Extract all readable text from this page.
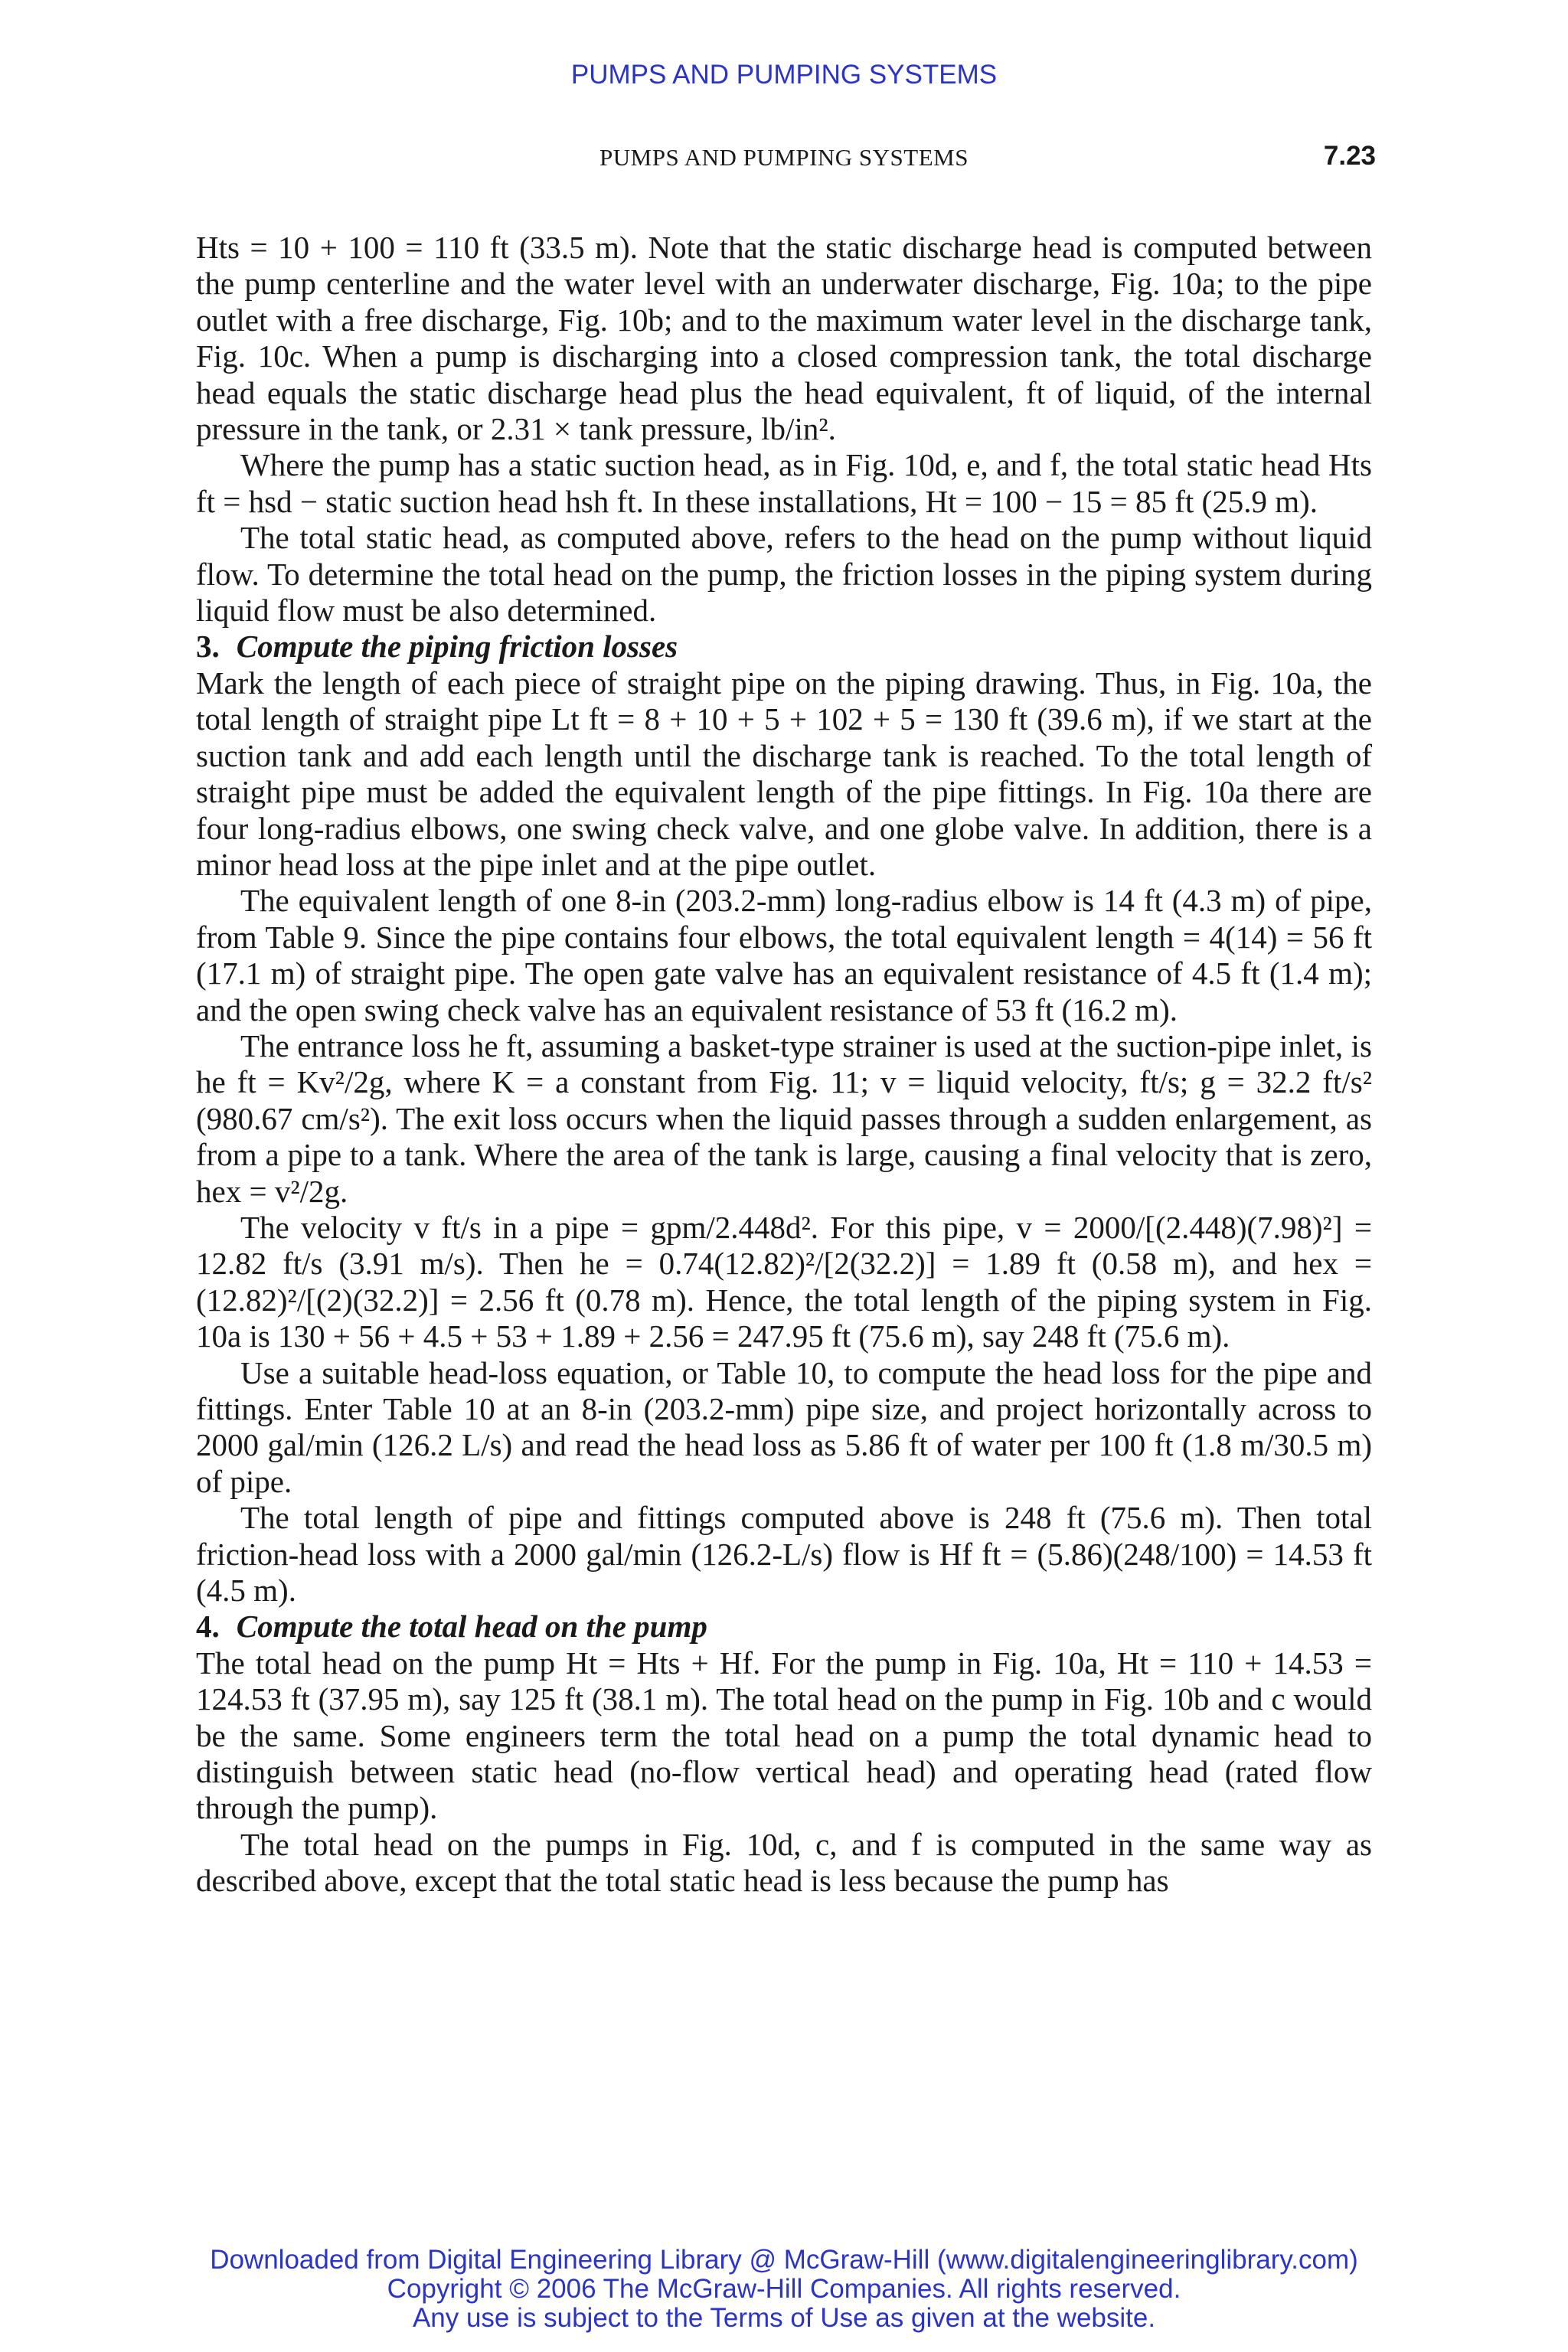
PUMPS AND PUMPING SYSTEMS
PUMPS AND PUMPING SYSTEMS	7.23

Hts = 10 + 100 = 110 ft (33.5 m). Note that the static discharge head is computed between the pump centerline and the water level with an underwater discharge, Fig. 10a; to the pipe outlet with a free discharge, Fig. 10b; and to the maximum water level in the discharge tank, Fig. 10c. When a pump is discharging into a closed compression tank, the total discharge head equals the static discharge head plus the head equivalent, ft of liquid, of the internal pressure in the tank, or 2.31 × tank pressure, lb/in².

Where the pump has a static suction head, as in Fig. 10d, e, and f, the total static head Hts ft = hsd − static suction head hsh ft. In these installations, Ht = 100 − 15 = 85 ft (25.9 m).

The total static head, as computed above, refers to the head on the pump without liquid flow. To determine the total head on the pump, the friction losses in the piping system during liquid flow must be also determined.

3. Compute the piping friction losses

Mark the length of each piece of straight pipe on the piping drawing. Thus, in Fig. 10a, the total length of straight pipe Lt ft = 8 + 10 + 5 + 102 + 5 = 130 ft (39.6 m), if we start at the suction tank and add each length until the discharge tank is reached. To the total length of straight pipe must be added the equivalent length of the pipe fittings. In Fig. 10a there are four long-radius elbows, one swing check valve, and one globe valve. In addition, there is a minor head loss at the pipe inlet and at the pipe outlet.

The equivalent length of one 8-in (203.2-mm) long-radius elbow is 14 ft (4.3 m) of pipe, from Table 9. Since the pipe contains four elbows, the total equivalent length = 4(14) = 56 ft (17.1 m) of straight pipe. The open gate valve has an equivalent resistance of 4.5 ft (1.4 m); and the open swing check valve has an equivalent resistance of 53 ft (16.2 m).

The entrance loss he ft, assuming a basket-type strainer is used at the suction-pipe inlet, is he ft = Kv²/2g, where K = a constant from Fig. 11; v = liquid velocity, ft/s; g = 32.2 ft/s² (980.67 cm/s²). The exit loss occurs when the liquid passes through a sudden enlargement, as from a pipe to a tank. Where the area of the tank is large, causing a final velocity that is zero, hex = v²/2g.

The velocity v ft/s in a pipe = gpm/2.448d². For this pipe, v = 2000/[(2.448)(7.98)²] = 12.82 ft/s (3.91 m/s). Then he = 0.74(12.82)²/[2(32.2)] = 1.89 ft (0.58 m), and hex = (12.82)²/[(2)(32.2)] = 2.56 ft (0.78 m). Hence, the total length of the piping system in Fig. 10a is 130 + 56 + 4.5 + 53 + 1.89 + 2.56 = 247.95 ft (75.6 m), say 248 ft (75.6 m).

Use a suitable head-loss equation, or Table 10, to compute the head loss for the pipe and fittings. Enter Table 10 at an 8-in (203.2-mm) pipe size, and project horizontally across to 2000 gal/min (126.2 L/s) and read the head loss as 5.86 ft of water per 100 ft (1.8 m/30.5 m) of pipe.

The total length of pipe and fittings computed above is 248 ft (75.6 m). Then total friction-head loss with a 2000 gal/min (126.2-L/s) flow is Hf ft = (5.86)(248/100) = 14.53 ft (4.5 m).

4. Compute the total head on the pump

The total head on the pump Ht = Hts + Hf. For the pump in Fig. 10a, Ht = 110 + 14.53 = 124.53 ft (37.95 m), say 125 ft (38.1 m). The total head on the pump in Fig. 10b and c would be the same. Some engineers term the total head on a pump the total dynamic head to distinguish between static head (no-flow vertical head) and operating head (rated flow through the pump).

The total head on the pumps in Fig. 10d, c, and f is computed in the same way as described above, except that the total static head is less because the pump has

Downloaded from Digital Engineering Library @ McGraw-Hill (www.digitalengineeringlibrary.com)
Copyright © 2006 The McGraw-Hill Companies. All rights reserved.
Any use is subject to the Terms of Use as given at the website.
